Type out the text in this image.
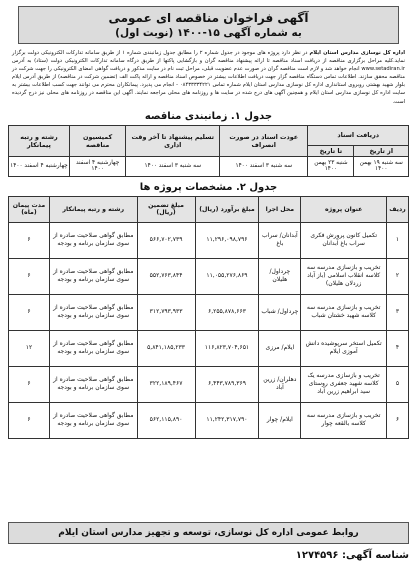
آگهی فراخوان مناقصه ای عمومی
به شماره آگهی ۱۵-۱۴۰۰ (نوبت اول)
اداره کل نوسازی مدارس استان ایلام در نظر دارد پروژه های موجود در جدول شماره ۲ را مطابق جدول زمانبندی شماره ۱ از طریق سامانه تدارکات الکترونیکی دولت برگزار نماید.کلیه مراحل برگزاری مناقصه از دریافت اسناد مناقصه تا ارائه پیشنهاد مناقصه گران و بازگشایی پاکتها از طریق درگاه سامانه تدارکات الکترونیکی دولت (ستاد) به آدرس www.setadiran.ir انجام خواهد شد و لازم است مناقصه گران در صورت عدم عضویت قبلی، مراحل ثبت نام در سایت مذکور و دریافت گواهی امضای الکترونیکی را جهت شرکت در مناقصه محقق سازند. اطلاعات تماس دستگاه مناقصه گزار جهت دریافت اطلاعات بیشتر در خصوص اسناد مناقصه و ارائه پاکت الف (تضمین شرکت در مناقصه) از طریق آدرس ایلام بلوار شهید بهشتی روبروی استانداری اداره کل نوسازی مدارس استان ایلام شماره تماس ۰۸۴۳۳۳۳۴۲۲۱ - انجام می پذیرد. پیمانکاران محترم می توانند جهت کسب اطلاعات بیشتر به سایت اداره کل نوسازی مدارس استان ایلام و همچنین آگهی های درج شده در سایت ها و روزنامه های محلی مراجعه نمایند. آگهی این مناقصه در روزنامه های محلی نیز درج گردیده است.
جدول ۱. زمانبندی مناقصه
دریافت اسناد		عودت اسناد در صورت انصراف	تسلیم پیشنهاد تا آخر وقت اداری	کمیسیون مناقصه	رشته و رتبه پیمانکار
از تاریخ	تا تاریخ				
سه شنبه ۱۹ بهمن ۱۴۰۰	شنبه ۲۳ بهمن ۱۴۰۰	سه شنبه ۳ اسفند ۱۴۰۰	سه شنبه ۳ اسفند ۱۴۰۰	چهارشنبه ۴ اسفند ۱۴۰۰	چهارشنبه ۴ اسفند ۱۴۰۰
جدول ۲. مشخصات پروژه ها
ردیف	عنوان پروژه	محل اجرا	مبلغ برآورد (ریال)	مبلغ تضمین (ریال)	رشته و رتبه پیمانکار	مدت پیمان (ماه)
۱	تکمیل کانون پرورش فکری سراب باغ آبدانان	آبدانان/ سراب باغ	۱۱,۲۹۶,۰۹۸,۷۹۶	۵۶۶,۷۰۲,۷۳۹	مطابق گواهی صلاحیت صادره از سوی سازمان برنامه و بودجه	۶
۲	تخریب و بازسازی مدرسه سه کلاسه انقلاب اسلامی (باز آباد زردلان هلیلان)	چرداول/ هلیلان	۱۱,۰۵۵,۲۷۶,۸۶۹	۵۵۲,۷۶۳,۸۴۴	مطابق گواهی صلاحیت صادره از سوی سازمان برنامه و بودجه	۶
۳	تخریب و بازسازی مدرسه سه کلاسه شهید خشتان شباب	چرداول/ شباب	۶,۲۵۵,۸۷۸,۶۶۳	۳۱۲,۷۹۳,۹۳۳	مطابق گواهی صلاحیت صادره از سوی سازمان برنامه و بودجه	۶
۴	تکمیل استخر سرپوشیده دانش آموزی ایلام	ایلام/ مرزی	۱۱۶,۸۲۳,۷۰۴,۶۵۱	۵,۸۴۱,۱۸۵,۲۳۳	مطابق گواهی صلاحیت صادره از سوی سازمان برنامه و بودجه	۱۲
۵	تخریب و بازسازی مدرسه یک کلاسه شهید جعفری روستای سید ابراهیم زرین آباد	دهلران/ زرین آباد	۶,۴۴۳,۷۸۹,۳۶۹	۳۲۲,۱۸۹,۴۶۷	مطابق گواهی صلاحیت صادره از سوی سازمان برنامه و بودجه	۶
۶	تخریب و بازسازی مدرسه سه کلاسه بالقعه چوار	ایلام/ چوار	۱۱,۲۴۲,۳۱۷,۷۹۰	۵۶۲,۱۱۵,۸۹۰	مطابق گواهی صلاحیت صادره از سوی سازمان برنامه و بودجه	۶
روابط عمومی اداره کل نوسازی، توسعه و تجهیز مدارس استان ایلام
شناسه آگهی: ۱۲۷۴۵۹۶
